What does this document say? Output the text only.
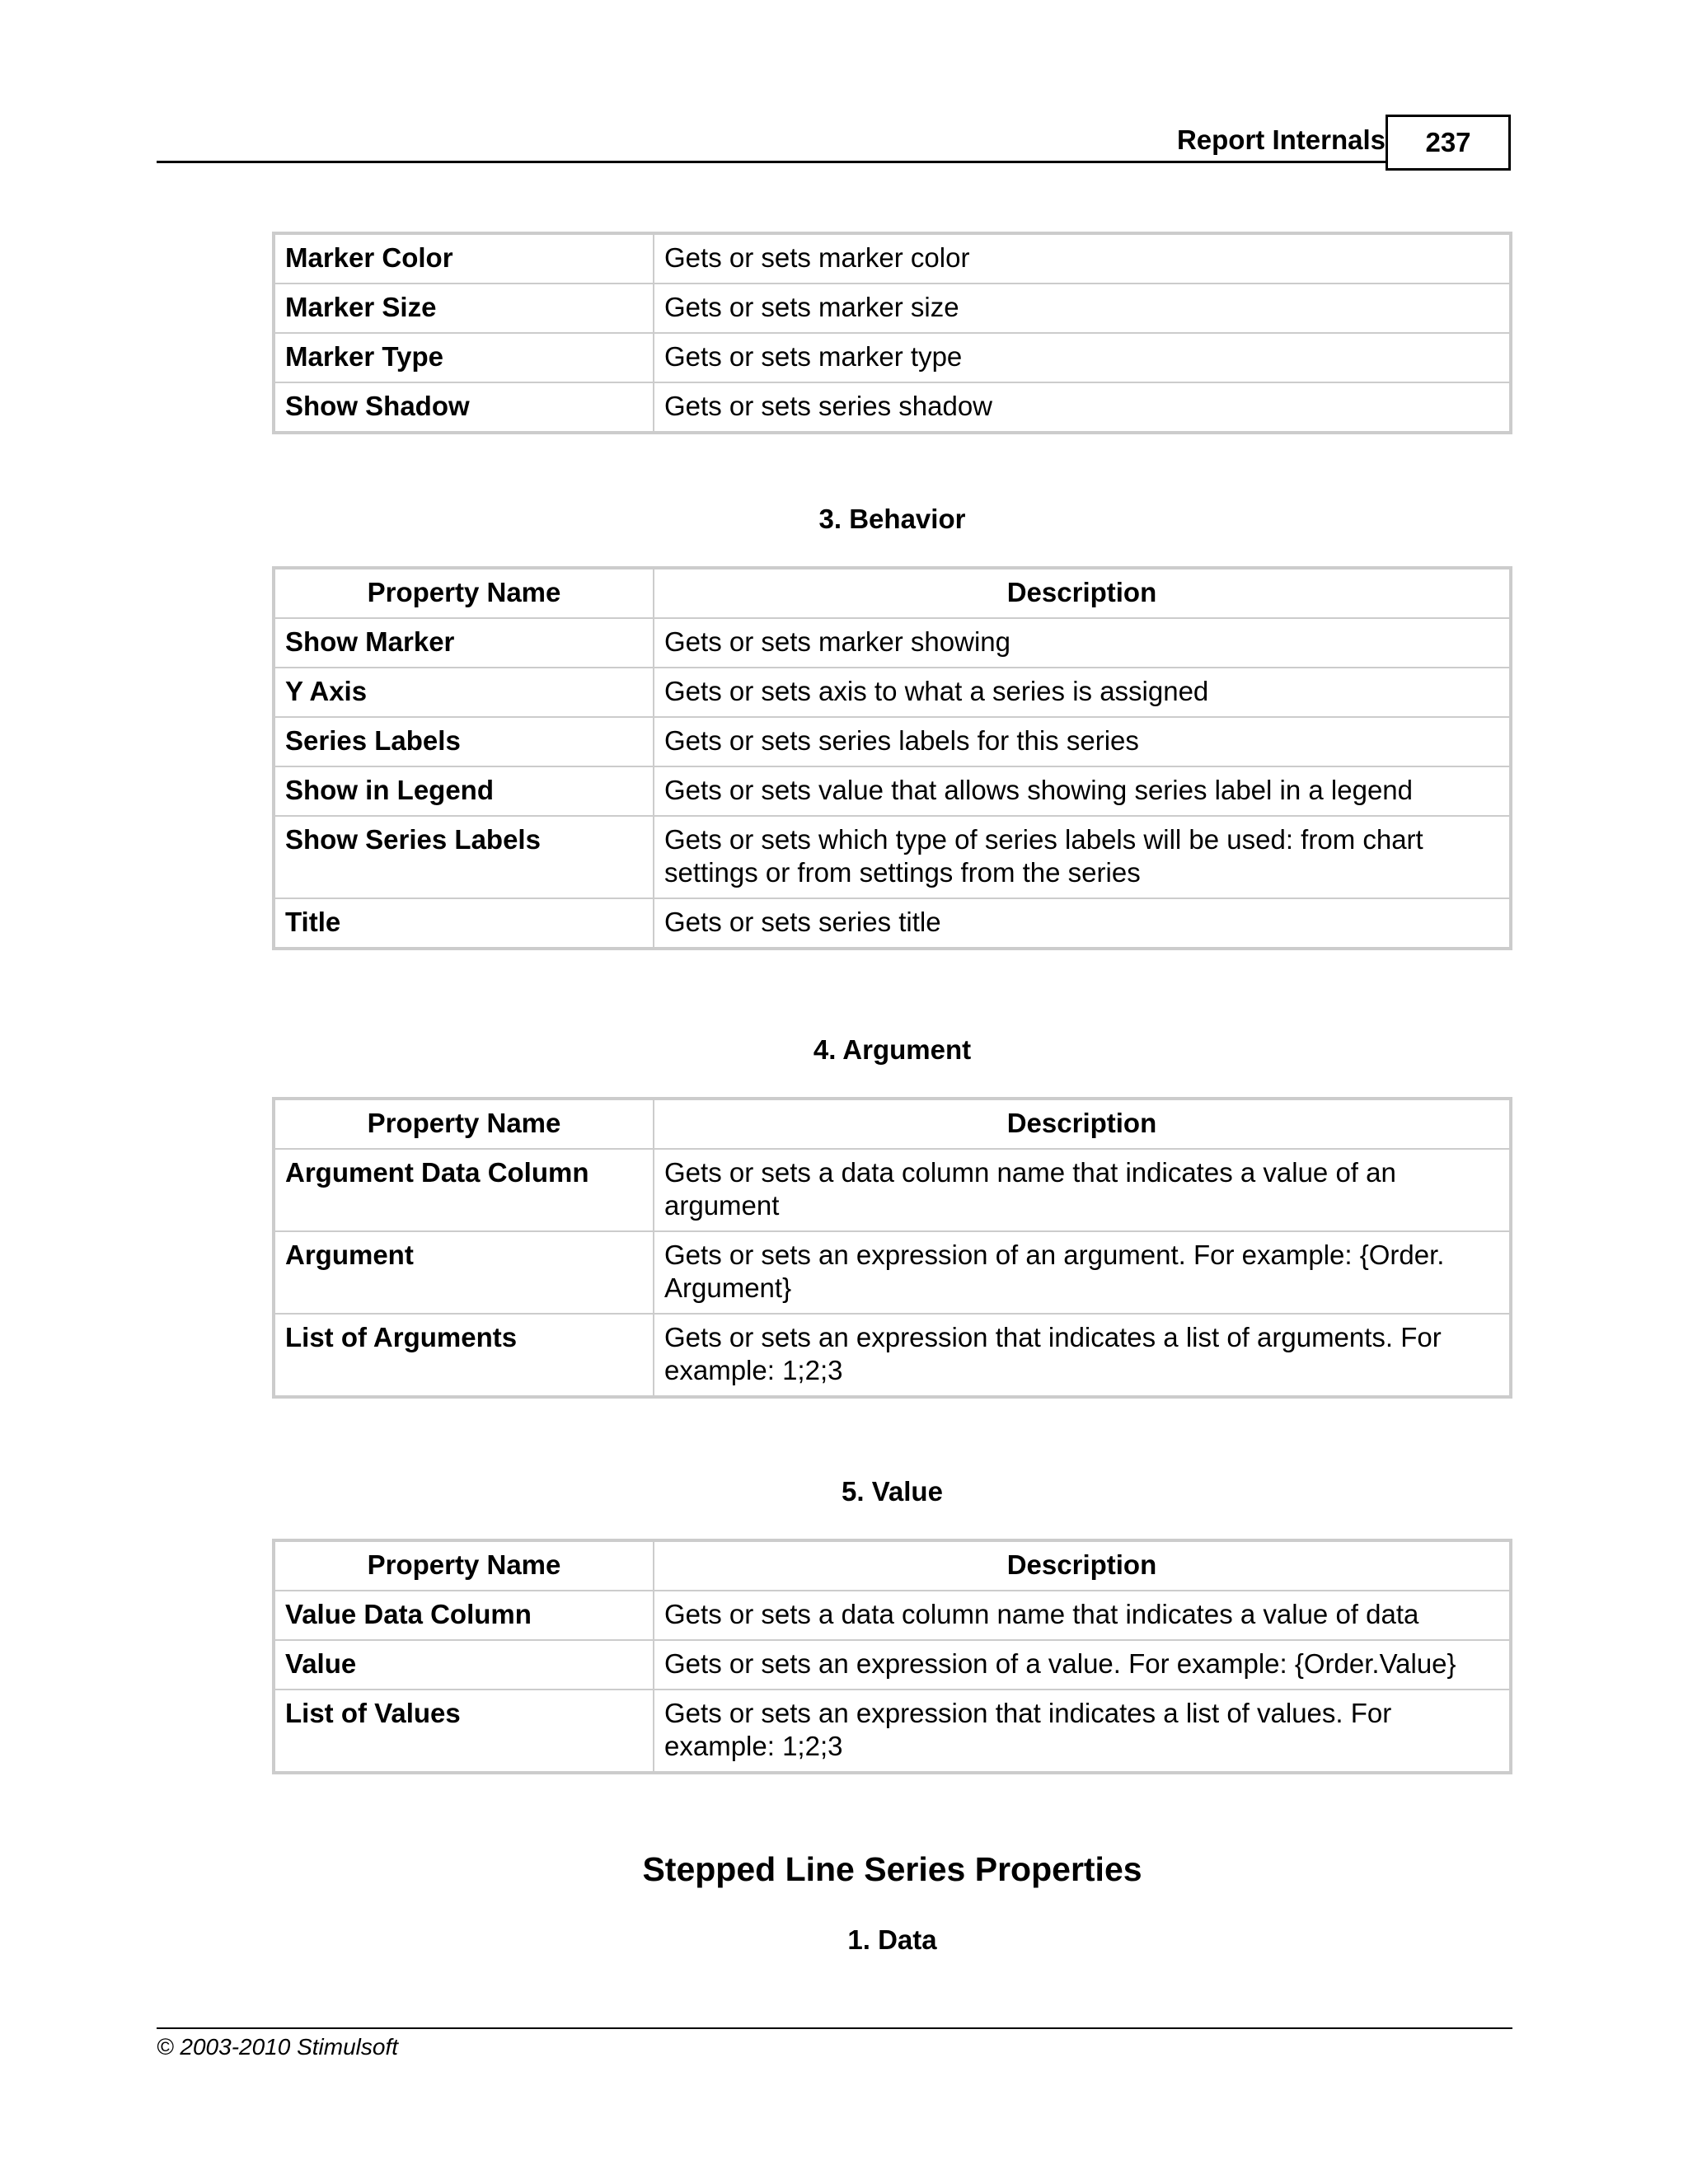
Report Internals	237
Marker Color	Gets or sets marker color
Marker Size	Gets or sets marker size
Marker Type	Gets or sets marker type
Show Shadow	Gets or sets series shadow
3. Behavior
Property Name	Description
Show Marker	Gets or sets marker showing
Y Axis	Gets or sets axis to what a series is assigned
Series Labels	Gets or sets series labels for this series
Show in Legend	Gets or sets value that allows showing series label in a legend
Show Series Labels	Gets or sets which type of series labels will be used: from chart settings or from settings from the series
Title	Gets or sets series title
4. Argument
Property Name	Description
Argument Data Column	Gets or sets a data column name that indicates a value of an argument
Argument	Gets or sets an expression of an argument. For example: {Order. Argument}
List of Arguments	Gets or sets an expression that indicates a list of arguments. For example: 1;2;3
5. Value
Property Name	Description
Value Data Column	Gets or sets a data column name that indicates a value of data
Value	Gets or sets an expression of a value. For example: {Order.Value}
List of Values	Gets or sets an expression that indicates a list of values. For example: 1;2;3
Stepped Line Series Properties
1. Data
© 2003-2010 Stimulsoft
